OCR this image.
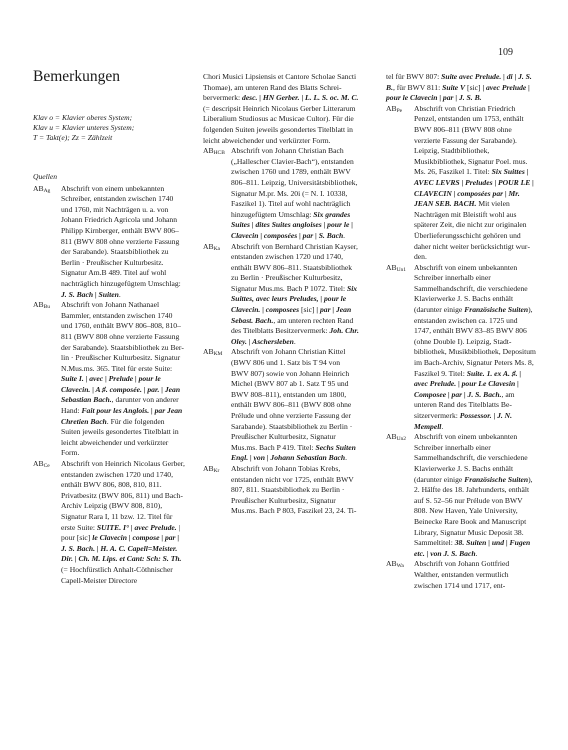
109
Bemerkungen
Klav o = Klavier oberes System;
Klav u = Klavier unteres System;
T = Takt(e); Zz = Zählzeit
Quellen
$AB_{Ag}$ Abschrift von einem unbekannten Schreiber, entstanden zwischen 1740 und 1760, mit Nachträgen u. a. von Johann Friedrich Agricola und Johann Philipp Kirnberger, enthält BWV 806–811 (BWV 808 ohne verzierte Fassung der Sarabande). Staatsbibliothek zu Berlin · Preußischer Kulturbesitz. Signatur Am.B 489. Titel auf wohl nachträglich hinzugefügtem Umschlag: J. S. Bach | Suiten.
$AB_{Bu}$ Abschrift von Johann Nathanael Bammler, entstanden zwischen 1740 und 1760, enthält BWV 806–808, 810–811 (BWV 808 ohne verzierte Fassung der Sarabande). Staatsbibliothek zu Berlin · Preußischer Kulturbesitz. Signatur N.Mus.ms. 365. Titel für erste Suite: Suite I. | avec | Prelude | pour le Clavecin. | A ♯. composée. | par. | Jean Sebastian Bach., darunter von anderer Hand: Fait pour les Anglois. | par Jean Chretien Bach. Für die folgenden Suiten jeweils gesondertes Titelblatt in leicht abweichender und verkürzter Form.
$AB_{Ce}$ Abschrift von Heinrich Nicolaus Gerber, entstanden zwischen 1720 und 1740, enthält BWV 806, 808, 810, 811. Privatbesitz (BWV 806, 811) und Bach-Archiv Leipzig (BWV 808, 810), Signatur Rara I, 11 bzw. 12. Titel für erste Suite: SUITE. I° | avec Prelude. | pour [sic] le Clavecin | compose | par | J. S. Bach. | H. A. C. Capell=Meister. Dir. | Ch. M. Lips. et Cant: Sch: S. Th. (= Hochfürstlich Anhalt-Cöthnischer Capell-Meister Directore
Chori Musici Lipsiensis et Cantore Scholae Sancti Thomae), am unteren Rand des Blatts Schreibervermerk: desc. | HN Gerber. | L. L. S. oc. M. C. (= descripsit Heinrich Nicolaus Gerber Litterarum Liberalium Studiosus ac Musicae Cultor). Für die folgenden Suiten jeweils gesondertes Titelblatt in leicht abweichender und verkürzter Form.
$AB_{HCB}$ Abschrift von Johann Christian Bach („Hallescher Clavier-Bach“), entstanden zwischen 1760 und 1789, enthält BWV 806–811. Leipzig, Universitätsbibliothek, Signatur M.pr. Ms. 20i (= N. I. 10338, Faszikel 1). Titel auf wohl nachträglich hinzugefügtem Umschlag: Six grandes Suites | dites Suites angloises | pour le | Clavecin | composées | par | S. Bach.
$AB_{Ka}$ Abschrift von Bernhard Christian Kayser, entstanden zwischen 1720 und 1740, enthält BWV 806–811. Staatsbibliothek zu Berlin · Preußischer Kulturbesitz, Signatur Mus.ms. Bach P 1072. Titel: Six Suittes, avec leurs Preludes, | pour le Clavecin. | composees [sic] | par | Jean Sebast. Bach., am unteren rechten Rand des Titelblatts Besitzervermerk: Joh. Chr. Oley. | Aschersleben.
$AB_{KM}$ Abschrift von Johann Christian Kittel (BWV 806 und 1. Satz bis T 94 von BWV 807) sowie von Johann Heinrich Michel (BWV 807 ab 1. Satz T 95 und BWV 808–811), entstanden um 1800, enthält BWV 806–811 (BWV 808 ohne Prélude und ohne verzierte Fassung der Sarabande). Staatsbibliothek zu Berlin · Preußischer Kulturbesitz, Signatur Mus.ms. Bach P 419. Titel: Sechs Suiten Engl. | von | Johann Sebastian Bach.
$AB_{Kr}$ Abschrift von Johann Tobias Krebs, entstanden nicht vor 1725, enthält BWV 807, 811. Staatsbibliothek zu Berlin · Preußischer Kulturbesitz, Signatur Mus.ms. Bach P 803, Faszikel 23, 24. Ti-
tel für BWV 807: Suite avec Prelude. | di | J. S. B., für BWV 811: Suite V [sic] | avec Prelude | pour le Clavecin | par | J. S. B.
$AB_{Pe}$ Abschrift von Christian Friedrich Penzel, entstanden um 1753, enthält BWV 806–811 (BWV 808 ohne verzierte Fassung der Sarabande). Leipzig, Stadtbibliothek, Musikbibliothek, Signatur Poel. mus. Ms. 26, Faszikel 1. Titel: Six Suittes | AVEC LEVRS | Preludes | POUR LE | CLAVECIN | composées par | Mr. JEAN SEB. BACH. Mit vielen Nachträgen mit Bleistift wohl aus späterer Zeit, die nicht zur originalen Überlieferungsschicht gehören und daher nicht weiter berücksichtigt wurden.
$AB_{Un1}$ Abschrift von einem unbekannten Schreiber innerhalb einer Sammelhandschrift, die verschiedene Klavierwerke J. S. Bachs enthält (darunter einige Französische Suiten), entstanden zwischen ca. 1725 und 1747, enthält BWV 83–85 BWV 806 (ohne Double I). Leipzig, Stadtbibliothek, Musikbibliothek, Depositum im Bach-Archiv, Signatur Peters Ms. 8, Faszikel 9. Titel: Suite. 1. ex A. ♯. | avec Prelude. | pour Le Clavesin | Composee | par | J. S. Bach., am unteren Rand des Titelblatts Besitzervermerk: Possessor. | J. N. Mempell.
$AB_{Un2}$ Abschrift von einem unbekannten Schreiber innerhalb einer Sammelhandschrift, die verschiedene Klavierwerke J. S. Bachs enthält (darunter einige Französische Suiten), 2. Hälfte des 18. Jahrhunderts, enthält auf S. 52–56 nur Prélude von BWV 808. New Haven, Yale University, Beinecke Rare Book and Manuscript Library, Signatur Music Deposit 38. Sammeltitel: 38. Suiten | und | Fugen etc. | von J. S. Bach.
$AB_{Wa}$ Abschrift von Johann Gottfried Walther, entstanden vermutlich zwischen 1714 und 1717, ent-
